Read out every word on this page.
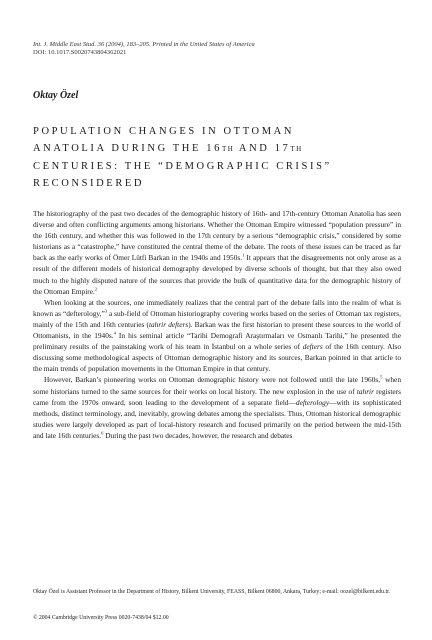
Int. J. Middle East Stud. 36 (2004), 183–205. Printed in the United States of America
DOI: 10.1017.S0020743804362021
Oktay Özel
POPULATION CHANGES IN OTTOMAN
ANATOLIA DURING THE 16TH AND 17TH
CENTURIES: THE “DEMOGRAPHIC CRISIS”
RECONSIDERED

The historiography of the past two decades of the demographic history of 16th- and 17th-century Ottoman Anatolia has seen diverse and often conflicting arguments among historians. Whether the Ottoman Empire witnessed “population pressure” in the 16th century, and whether this was followed in the 17th century by a serious “demographic crisis,” considered by some historians as a “catastrophe,” have constituted the central theme of the debate. The roots of these issues can be traced as far back as the early works of Ömer Lütfi Barkan in the 1940s and 1950s.$^1$ It appears that the disagreements not only arose as a result of the different models of historical demography developed by diverse schools of thought, but that they also owed much to the highly disputed nature of the sources that provide the bulk of quantitative data for the demographic history of the Ottoman Empire.$^2$

When looking at the sources, one immediately realizes that the central part of the debate falls into the realm of what is known as “defterology,”$^3$ a sub-field of Ottoman historiography covering works based on the series of Ottoman tax registers, mainly of the 15th and 16th centuries (tahrir defters). Barkan was the first historian to present these sources to the world of Ottomanists, in the 1940s.$^4$ In his seminal article “Tarihi Demografi Araştırmaları ve Osmanlı Tarihi,” he presented the preliminary results of the painstaking work of his team in İstanbul on a whole series of defters of the 16th century. Also discussing some methodological aspects of Ottoman demographic history and its sources, Barkan pointed in that article to the main trends of population movements in the Ottoman Empire in that century.

However, Barkan’s pioneering works on Ottoman demographic history were not followed until the late 1960s,$^5$ when some historians turned to the same sources for their works on local history. The new explosion in the use of tahrir registers came from the 1970s onward, soon leading to the development of a separate field—defterology—with its sophisticated methods, distinct terminology, and, inevitably, growing debates among the specialists. Thus, Ottoman historical demographic studies were largely developed as part of local-history research and focused primarily on the period between the mid-15th and late 16th centuries.$^6$ During the past two decades, however, the research and debates

Oktay Özel is Assistant Professor in the Department of History, Bilkent University, FEASS, Bilkent 06800, Ankara, Turkey; e-mail: oozel@bilkent.edu.tr.
© 2004 Cambridge University Press 0020-7438/04 $12.00
